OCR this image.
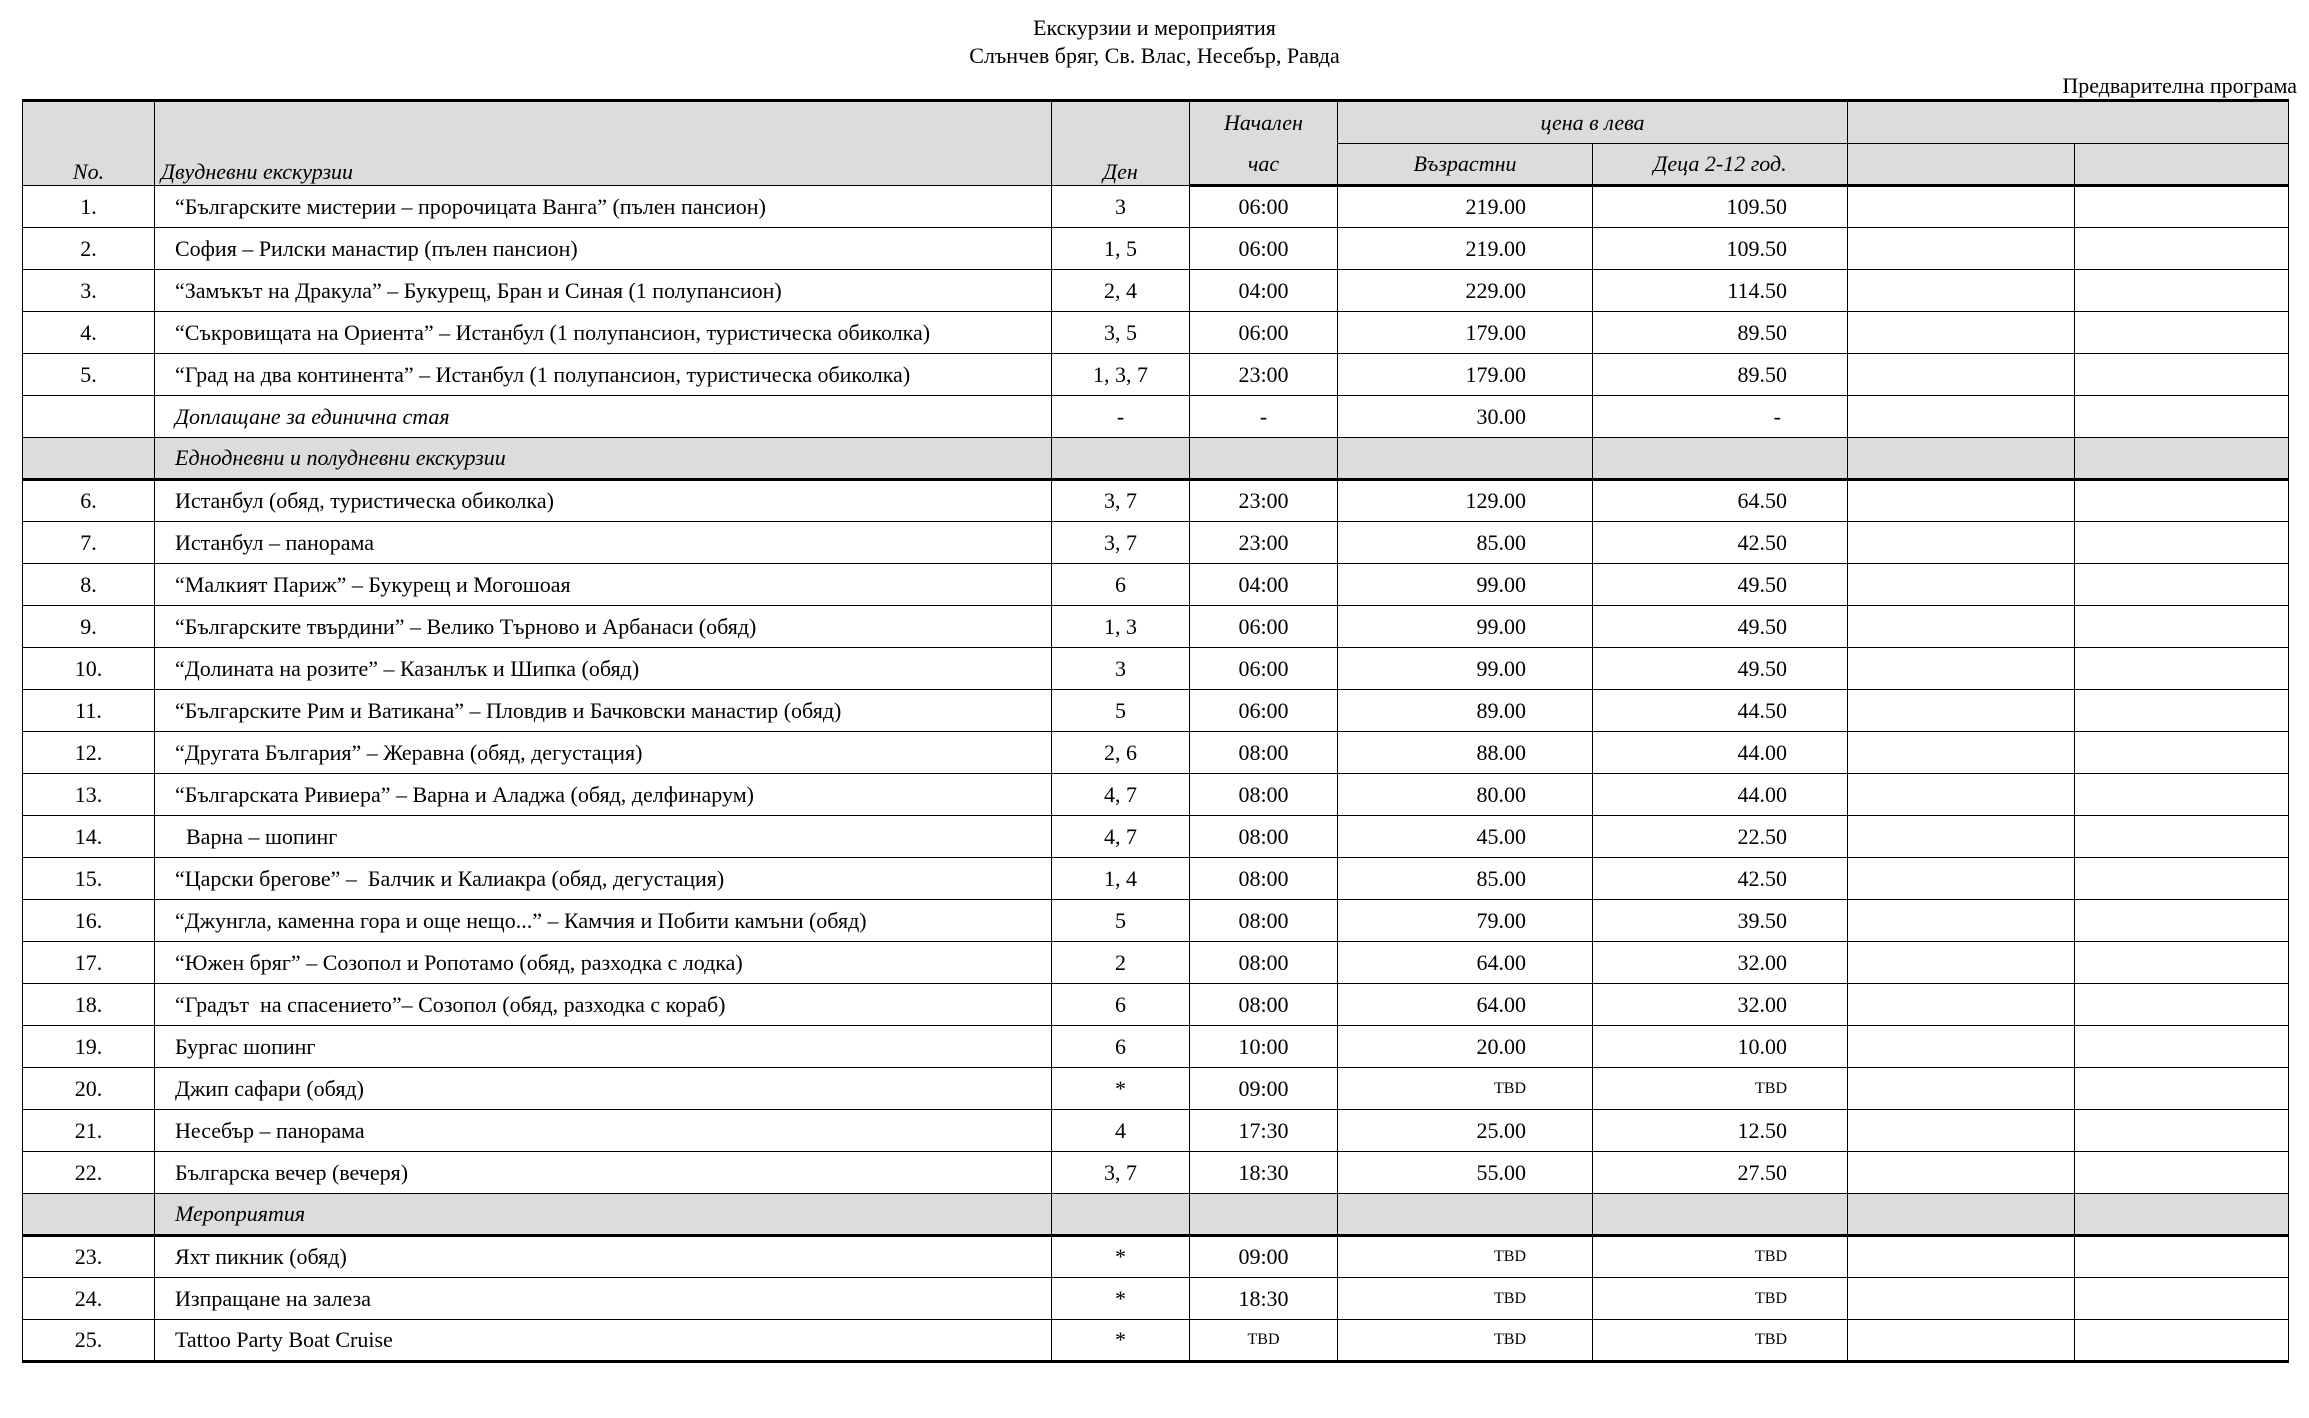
Екскурзии и мероприятия
Слънчев бряг, Св. Влас, Несебър, Равда
Предварителна програма
No.	Двудневни екскурзии	Ден	Начален	цена в лева			
			час	Възрастни	Деца 2-12 год.		
1.	“Българските мистерии – пророчицата Ванга” (пълен пансион)	3	06:00	219.00	109.50		
2.	София – Рилски манастир (пълен пансион)	1, 5	06:00	219.00	109.50		
3.	“Замъкът на Дракула” – Букурещ, Бран и Синая (1 полупансион)	2, 4	04:00	229.00	114.50		
4.	“Съкровищата на Ориента” – Истанбул (1 полупансион, туристическа обиколка)	3, 5	06:00	179.00	89.50		
5.	“Град на два континента” – Истанбул (1 полупансион, туристическа обиколка)	1, 3, 7	23:00	179.00	89.50		
	Доплащане за единична стая	-	-	30.00	-		
	Еднодневни и полудневни екскурзии						
6.	Истанбул (обяд, туристическа обиколка)	3, 7	23:00	129.00	64.50		
7.	Истанбул – панорама	3, 7	23:00	85.00	42.50		
8.	“Малкият Париж” – Букурещ и Могошоая	6	04:00	99.00	49.50		
9.	“Българските твърдини” – Велико Търново и Арбанаси (обяд)	1, 3	06:00	99.00	49.50		
10.	“Долината на розите” – Казанлък и Шипка (обяд)	3	06:00	99.00	49.50		
11.	“Българските Рим и Ватикана” – Пловдив и Бачковски манастир (обяд)	5	06:00	89.00	44.50		
12.	“Другата България” – Жеравна (обяд, дегустация)	2, 6	08:00	88.00	44.00		
13.	“Българската Ривиера” – Варна и Аладжа (обяд, делфинарум)	4, 7	08:00	80.00	44.00		
14.	Варна – шопинг	4, 7	08:00	45.00	22.50		
15.	“Царски брегове” –  Балчик и Калиакра (обяд, дегустация)	1, 4	08:00	85.00	42.50		
16.	“Джунгла, каменна гора и още нещо...” – Камчия и Побити камъни (обяд)	5	08:00	79.00	39.50		
17.	“Южен бряг” – Созопол и Ропотамо (обяд, разходка с лодка)	2	08:00	64.00	32.00		
18.	“Градът  на спасението”– Созопол (обяд, разходка с кораб)	6	08:00	64.00	32.00		
19.	Бургас шопинг	6	10:00	20.00	10.00		
20.	Джип сафари (обяд)	*	09:00	TBD	TBD		
21.	Несебър – панорама	4	17:30	25.00	12.50		
22.	Българска вечер (вечеря)	3, 7	18:30	55.00	27.50		
	Мероприятия						
23.	Яхт пикник (обяд)	*	09:00	TBD	TBD		
24.	Изпращане на залеза	*	18:30	TBD	TBD		
25.	Tattoo Party Boat Cruise	*	TBD	TBD	TBD		
